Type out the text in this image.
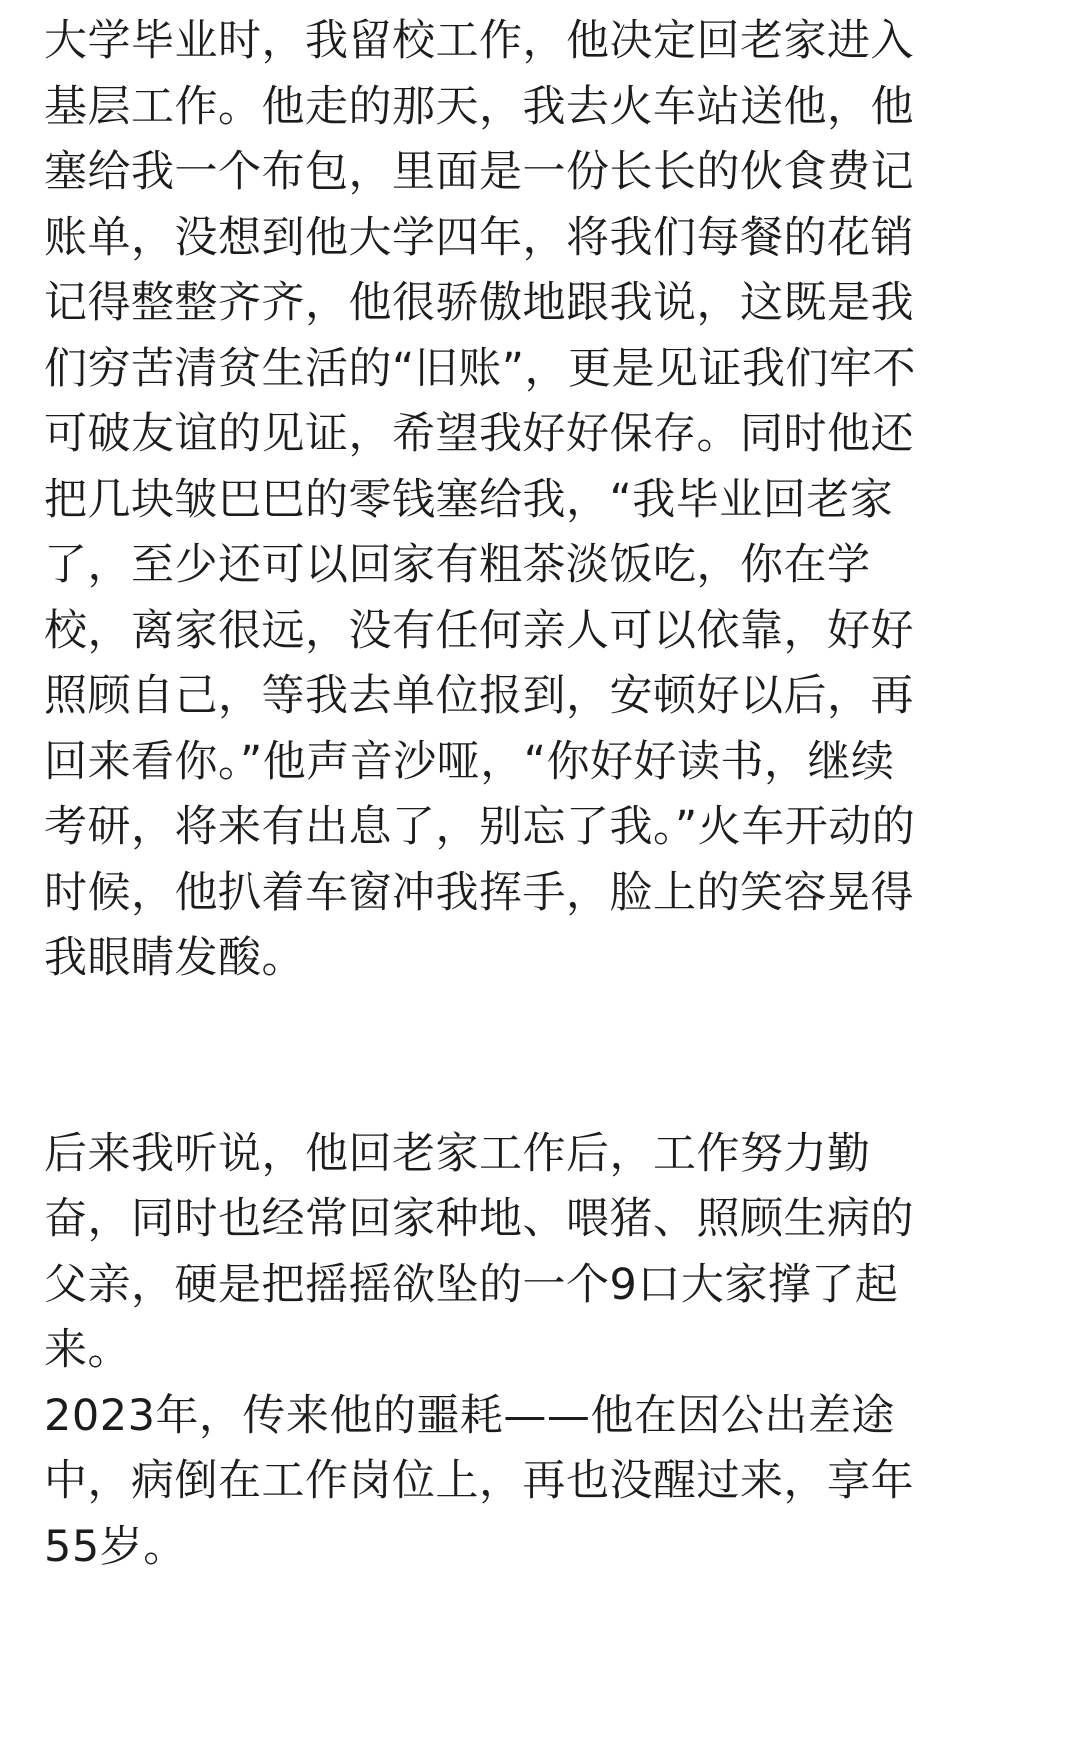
大学毕业时，我留校工作，他决定回老家进入
基层工作。他走的那天，我去火车站送他，他
塞给我一个布包，里面是一份长长的伙食费记
账单，没想到他大学四年，将我们每餐的花销
记得整整齐齐，他很骄傲地跟我说，这既是我
们穷苦清贫生活的“旧账”，更是见证我们牢不
可破友谊的见证，希望我好好保存。同时他还
把几块皱巴巴的零钱塞给我，“我毕业回老家
了，至少还可以回家有粗茶淡饭吃，你在学
校，离家很远，没有任何亲人可以依靠，好好
照顾自己，等我去单位报到，安顿好以后，再
回来看你。”他声音沙哑，“你好好读书，继续
考研，将来有出息了，别忘了我。”火车开动的
时候，他扒着车窗冲我挥手，脸上的笑容晃得
我眼睛发酸。
后来我听说，他回老家工作后，工作努力勤
奋，同时也经常回家种地、喂猪、照顾生病的
父亲，硬是把摇摇欲坠的一个9口大家撑了起
来。
2023年，传来他的噩耗——他在因公出差途
中，病倒在工作岗位上，再也没醒过来，享年
55岁。
